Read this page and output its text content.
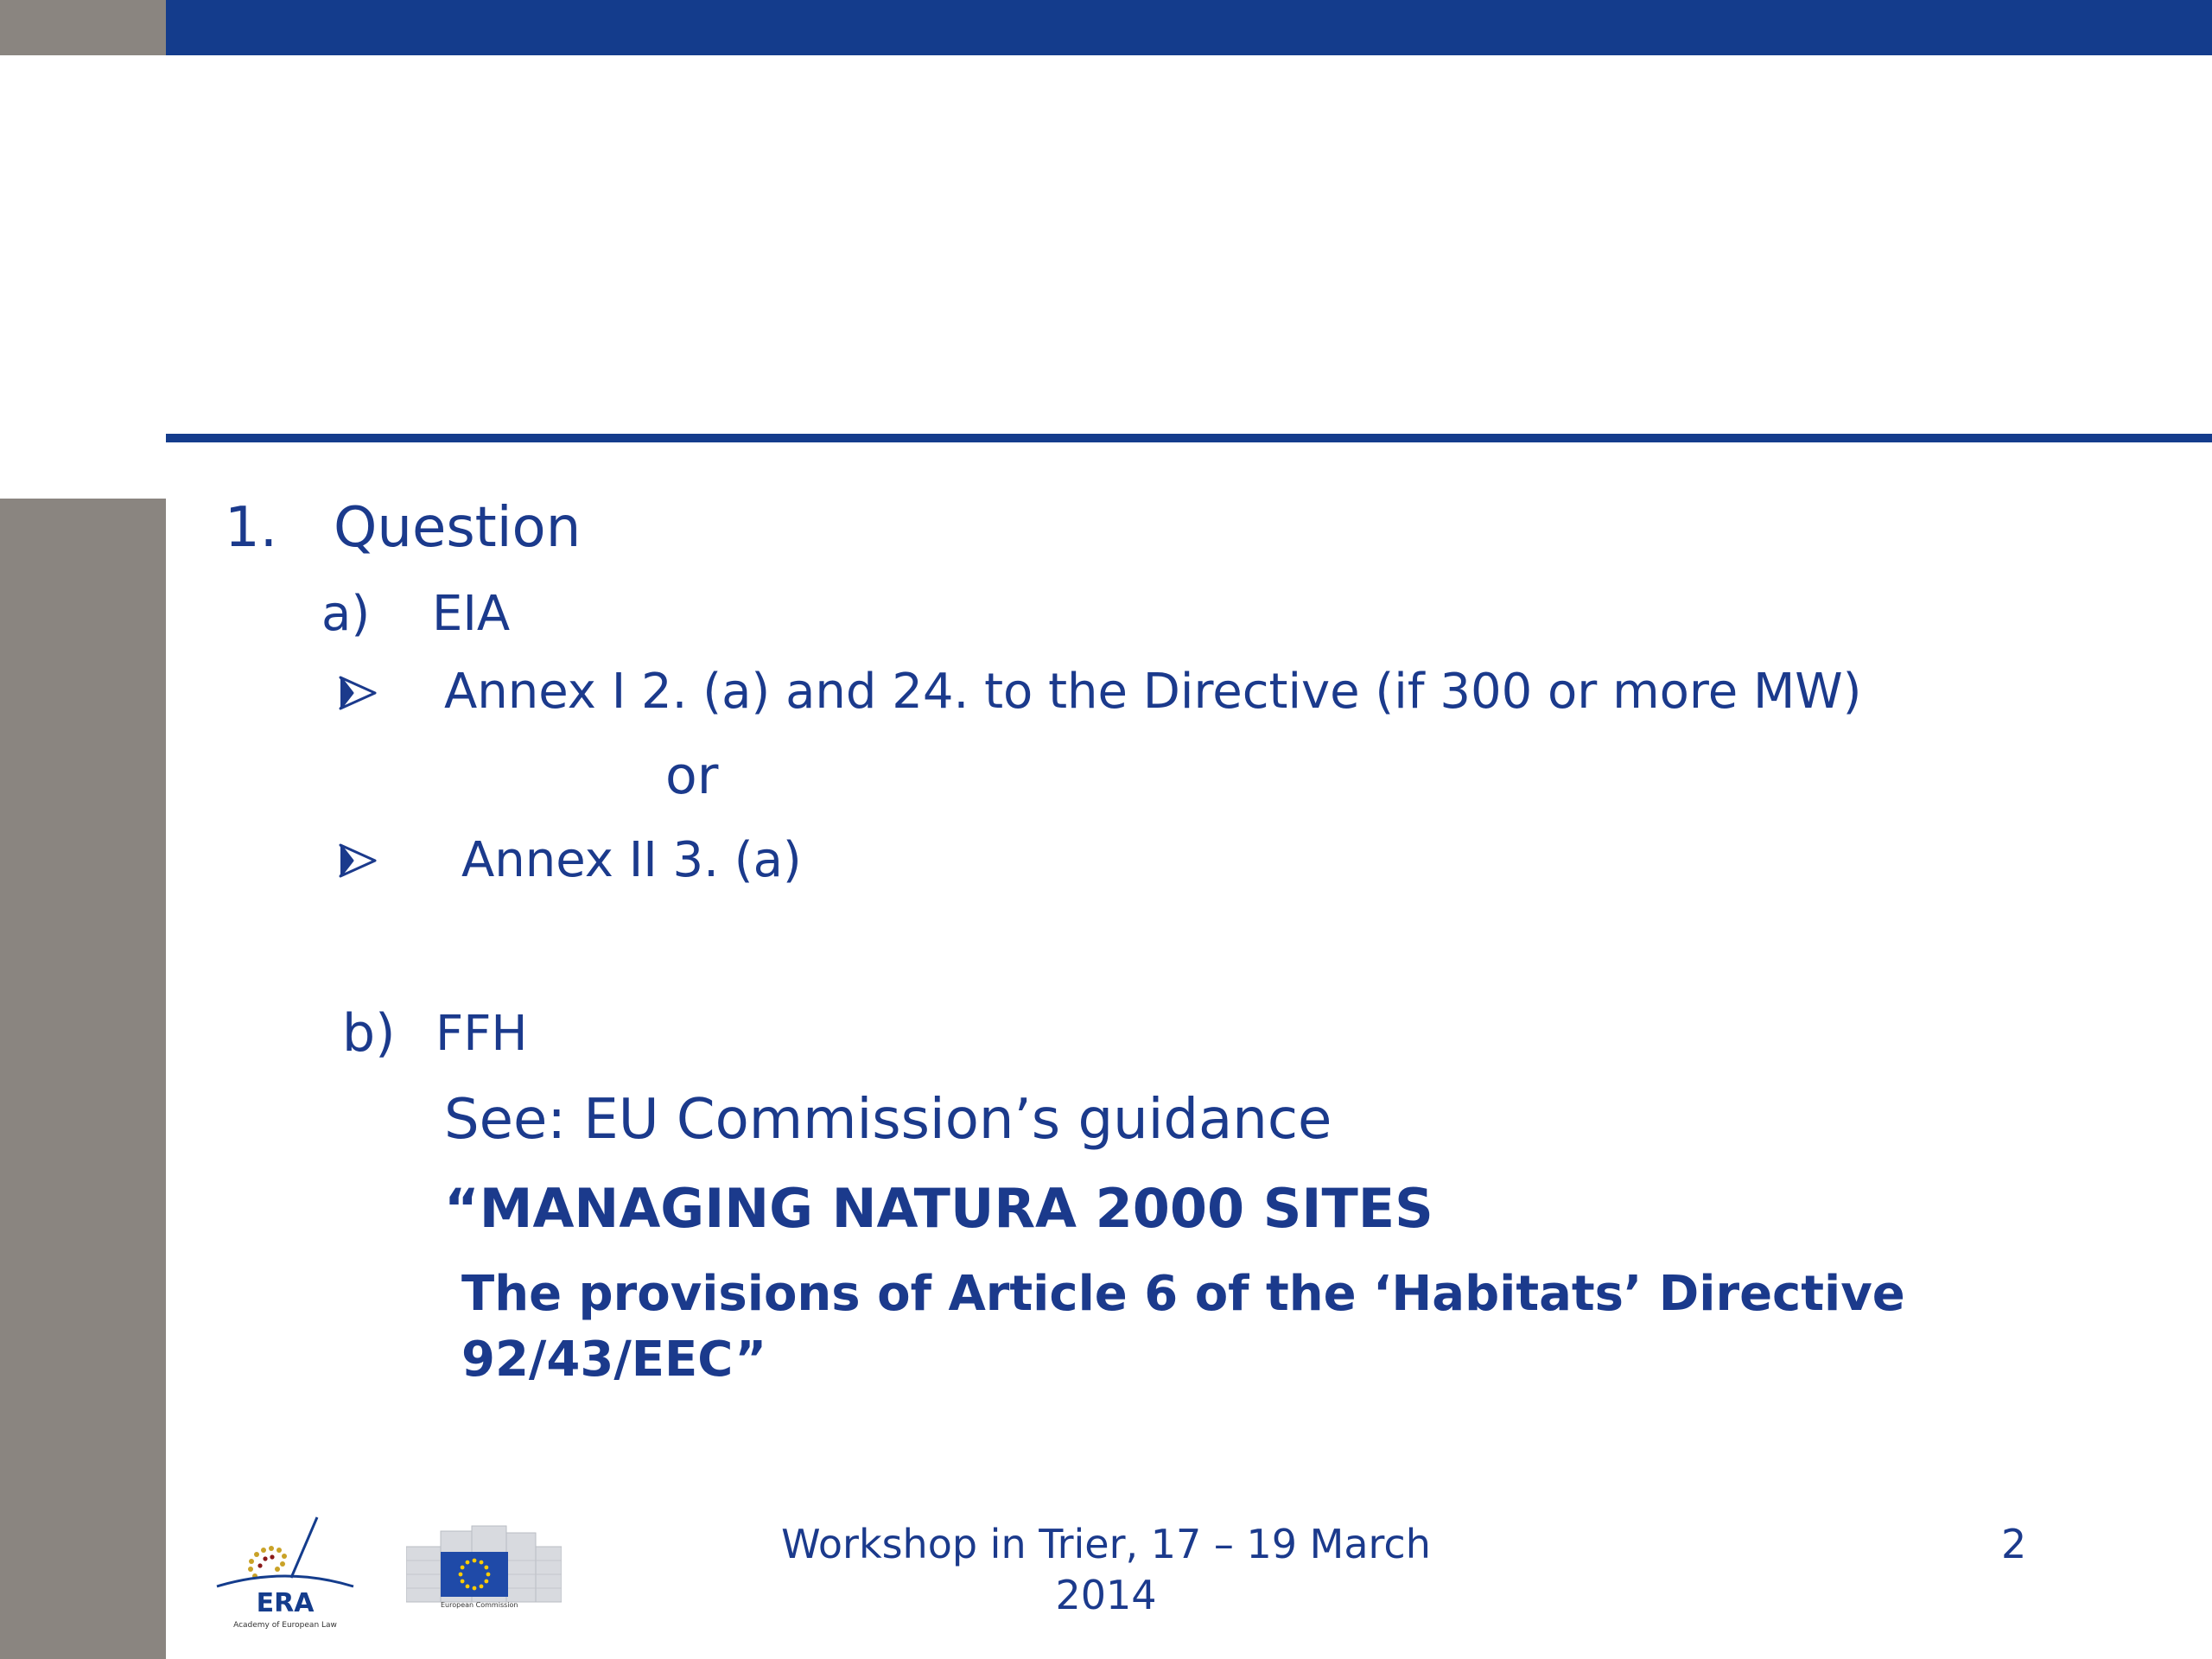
1. Question
a) EIA
Annex I 2. (a) and 24. to the Directive (if 300 or more MW)
or
Annex II 3. (a)
b) FFH
See: EU Commission’s guidance
“MANAGING NATURA 2000 SITES
The provisions of Article 6 of the ‘Habitats’ Directive
92/43/EEC”
ERA
Academy of European Law
European Commission
Workshop in Trier, 17 – 19 March 2014
2
